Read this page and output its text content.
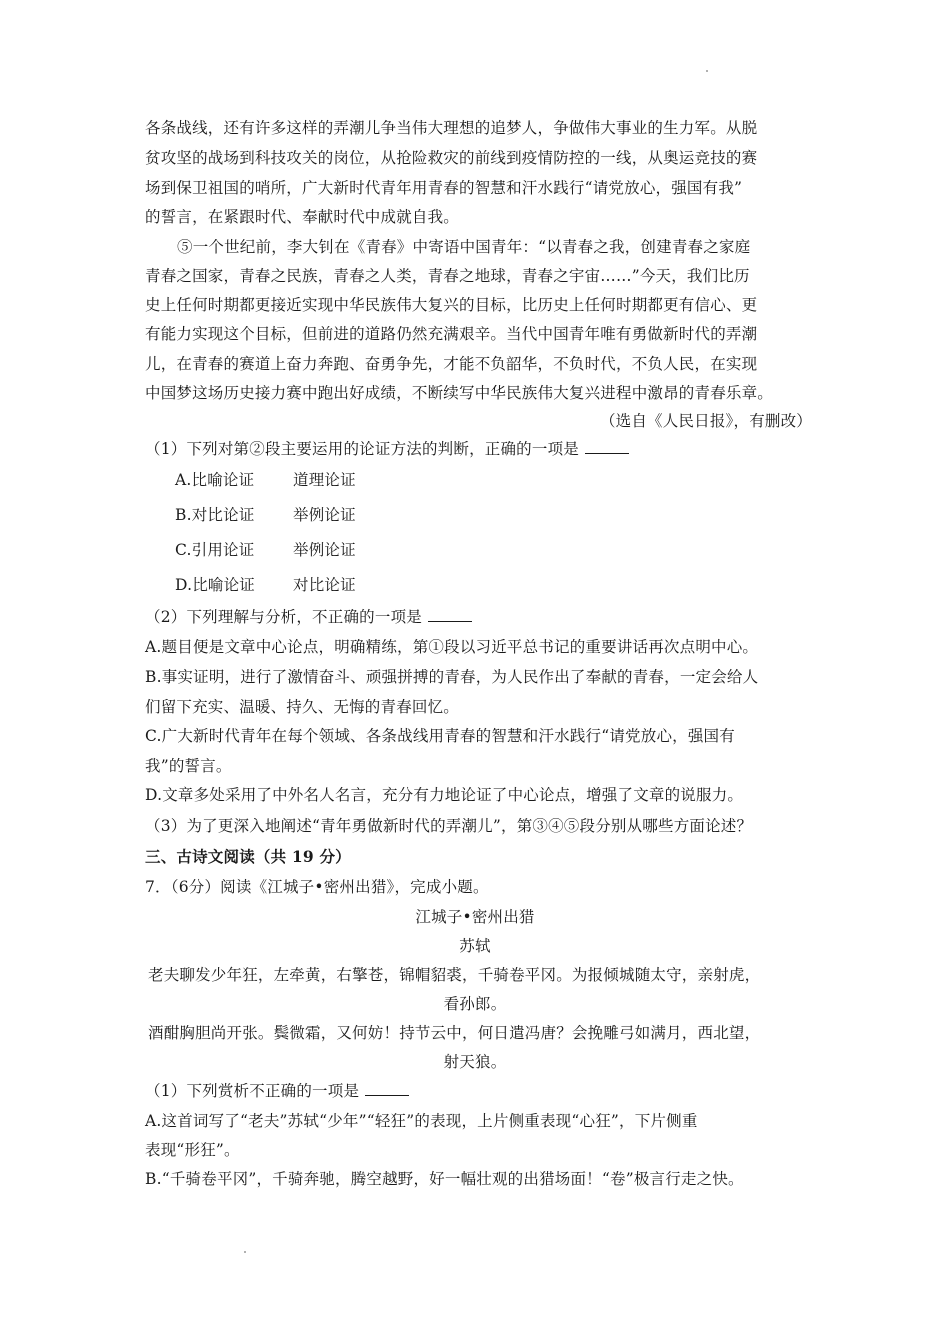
各条战线，还有许多这样的弄潮儿争当伟大理想的追梦人，争做伟大事业的生力军。从脱
贫攻坚的战场到科技攻关的岗位，从抢险救灾的前线到疫情防控的一线，从奥运竞技的赛
场到保卫祖国的哨所，广大新时代青年用青春的智慧和汗水践行“请党放心，强国有我”
的誓言，在紧跟时代、奉献时代中成就自我。
⑤一个世纪前，李大钊在《青春》中寄语中国青年：“以青春之我，创建青春之家庭
青春之国家，青春之民族，青春之人类，青春之地球，青春之宇宙……”今天，我们比历
史上任何时期都更接近实现中华民族伟大复兴的目标，比历史上任何时期都更有信心、更
有能力实现这个目标，但前进的道路仍然充满艰辛。当代中国青年唯有勇做新时代的弄潮
儿，在青春的赛道上奋力奔跑、奋勇争先，才能不负韶华，不负时代，不负人民，在实现
中国梦这场历史接力赛中跑出好成绩，不断续写中华民族伟大复兴进程中激昂的青春乐章。
（选自《人民日报》，有删改）
（1）下列对第②段主要运用的论证方法的判断，正确的一项是
A.比喻论证 道理论证
B.对比论证 举例论证
C.引用论证 举例论证
D.比喻论证 对比论证
（2）下列理解与分析，不正确的一项是
A.题目便是文章中心论点，明确精练，第①段以习近平总书记的重要讲话再次点明中心。
B.事实证明，进行了激情奋斗、顽强拼搏的青春，为人民作出了奉献的青春，一定会给人
们留下充实、温暖、持久、无悔的青春回忆。
C.广大新时代青年在每个领域、各条战线用青春的智慧和汗水践行“请党放心，强国有
我”的誓言。
D.文章多处采用了中外名人名言，充分有力地论证了中心论点，增强了文章的说服力。
（3）为了更深入地阐述“青年勇做新时代的弄潮儿”，第③④⑤段分别从哪些方面论述？
三、古诗文阅读（共 19 分）
7．（6分）阅读《江城子•密州出猎》，完成小题。
江城子•密州出猎
苏轼
老夫聊发少年狂，左牵黄，右擎苍，锦帽貂裘，千骑卷平冈。为报倾城随太守，亲射虎，
看孙郎。
酒酣胸胆尚开张。鬓微霜，又何妨！持节云中，何日遣冯唐？会挽雕弓如满月，西北望，
射天狼。
（1）下列赏析不正确的一项是
A.这首词写了“老夫”苏轼“少年”“轻狂”的表现，上片侧重表现“心狂”，下片侧重
表现“形狂”。
B.“千骑卷平冈”，千骑奔驰，腾空越野，好一幅壮观的出猎场面！“卷”极言行走之快。
